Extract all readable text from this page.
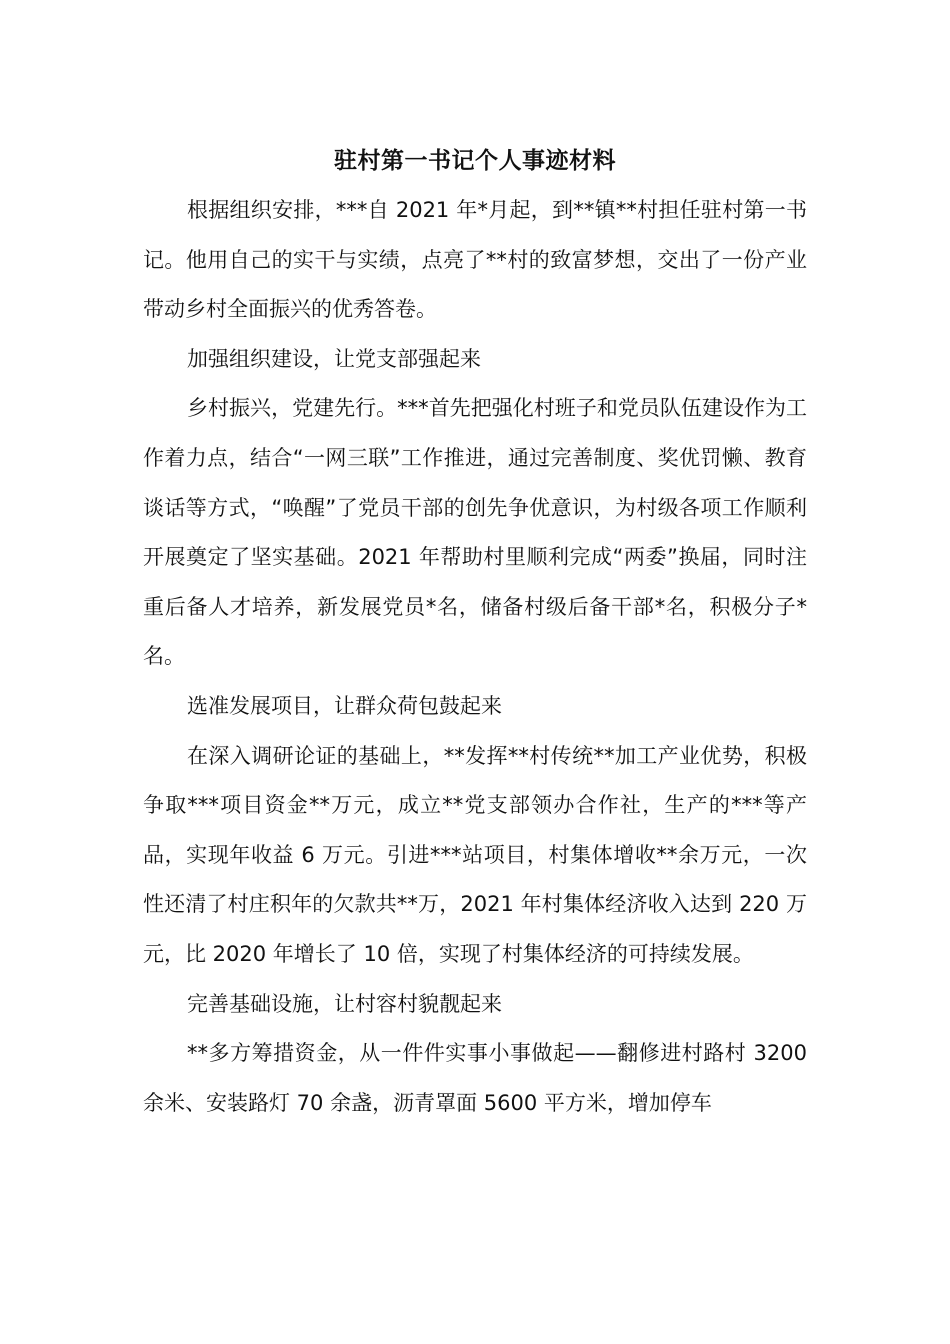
驻村第一书记个人事迹材料

根据组织安排，***自 2021 年*月起，到**镇**村担任驻村第一书记。他用自己的实干与实绩，点亮了**村的致富梦想，交出了一份产业带动乡村全面振兴的优秀答卷。

加强组织建设，让党支部强起来

乡村振兴，党建先行。***首先把强化村班子和党员队伍建设作为工作着力点，结合“一网三联”工作推进，通过完善制度、奖优罚懒、教育谈话等方式，“唤醒”了党员干部的创先争优意识，为村级各项工作顺利开展奠定了坚实基础。2021 年帮助村里顺利完成“两委”换届，同时注重后备人才培养，新发展党员*名，储备村级后备干部*名，积极分子*名。

选准发展项目，让群众荷包鼓起来

在深入调研论证的基础上，**发挥**村传统**加工产业优势，积极争取***项目资金**万元，成立**党支部领办合作社，生产的***等产品，实现年收益 6 万元。引进***站项目，村集体增收**余万元，一次性还清了村庄积年的欠款共**万，2021 年村集体经济收入达到 220 万元，比 2020 年增长了 10 倍，实现了村集体经济的可持续发展。

完善基础设施，让村容村貌靓起来

**多方筹措资金，从一件件实事小事做起——翻修进村路村 3200 余米、安装路灯 70 余盏，沥青罩面 5600 平方米，增加停车
